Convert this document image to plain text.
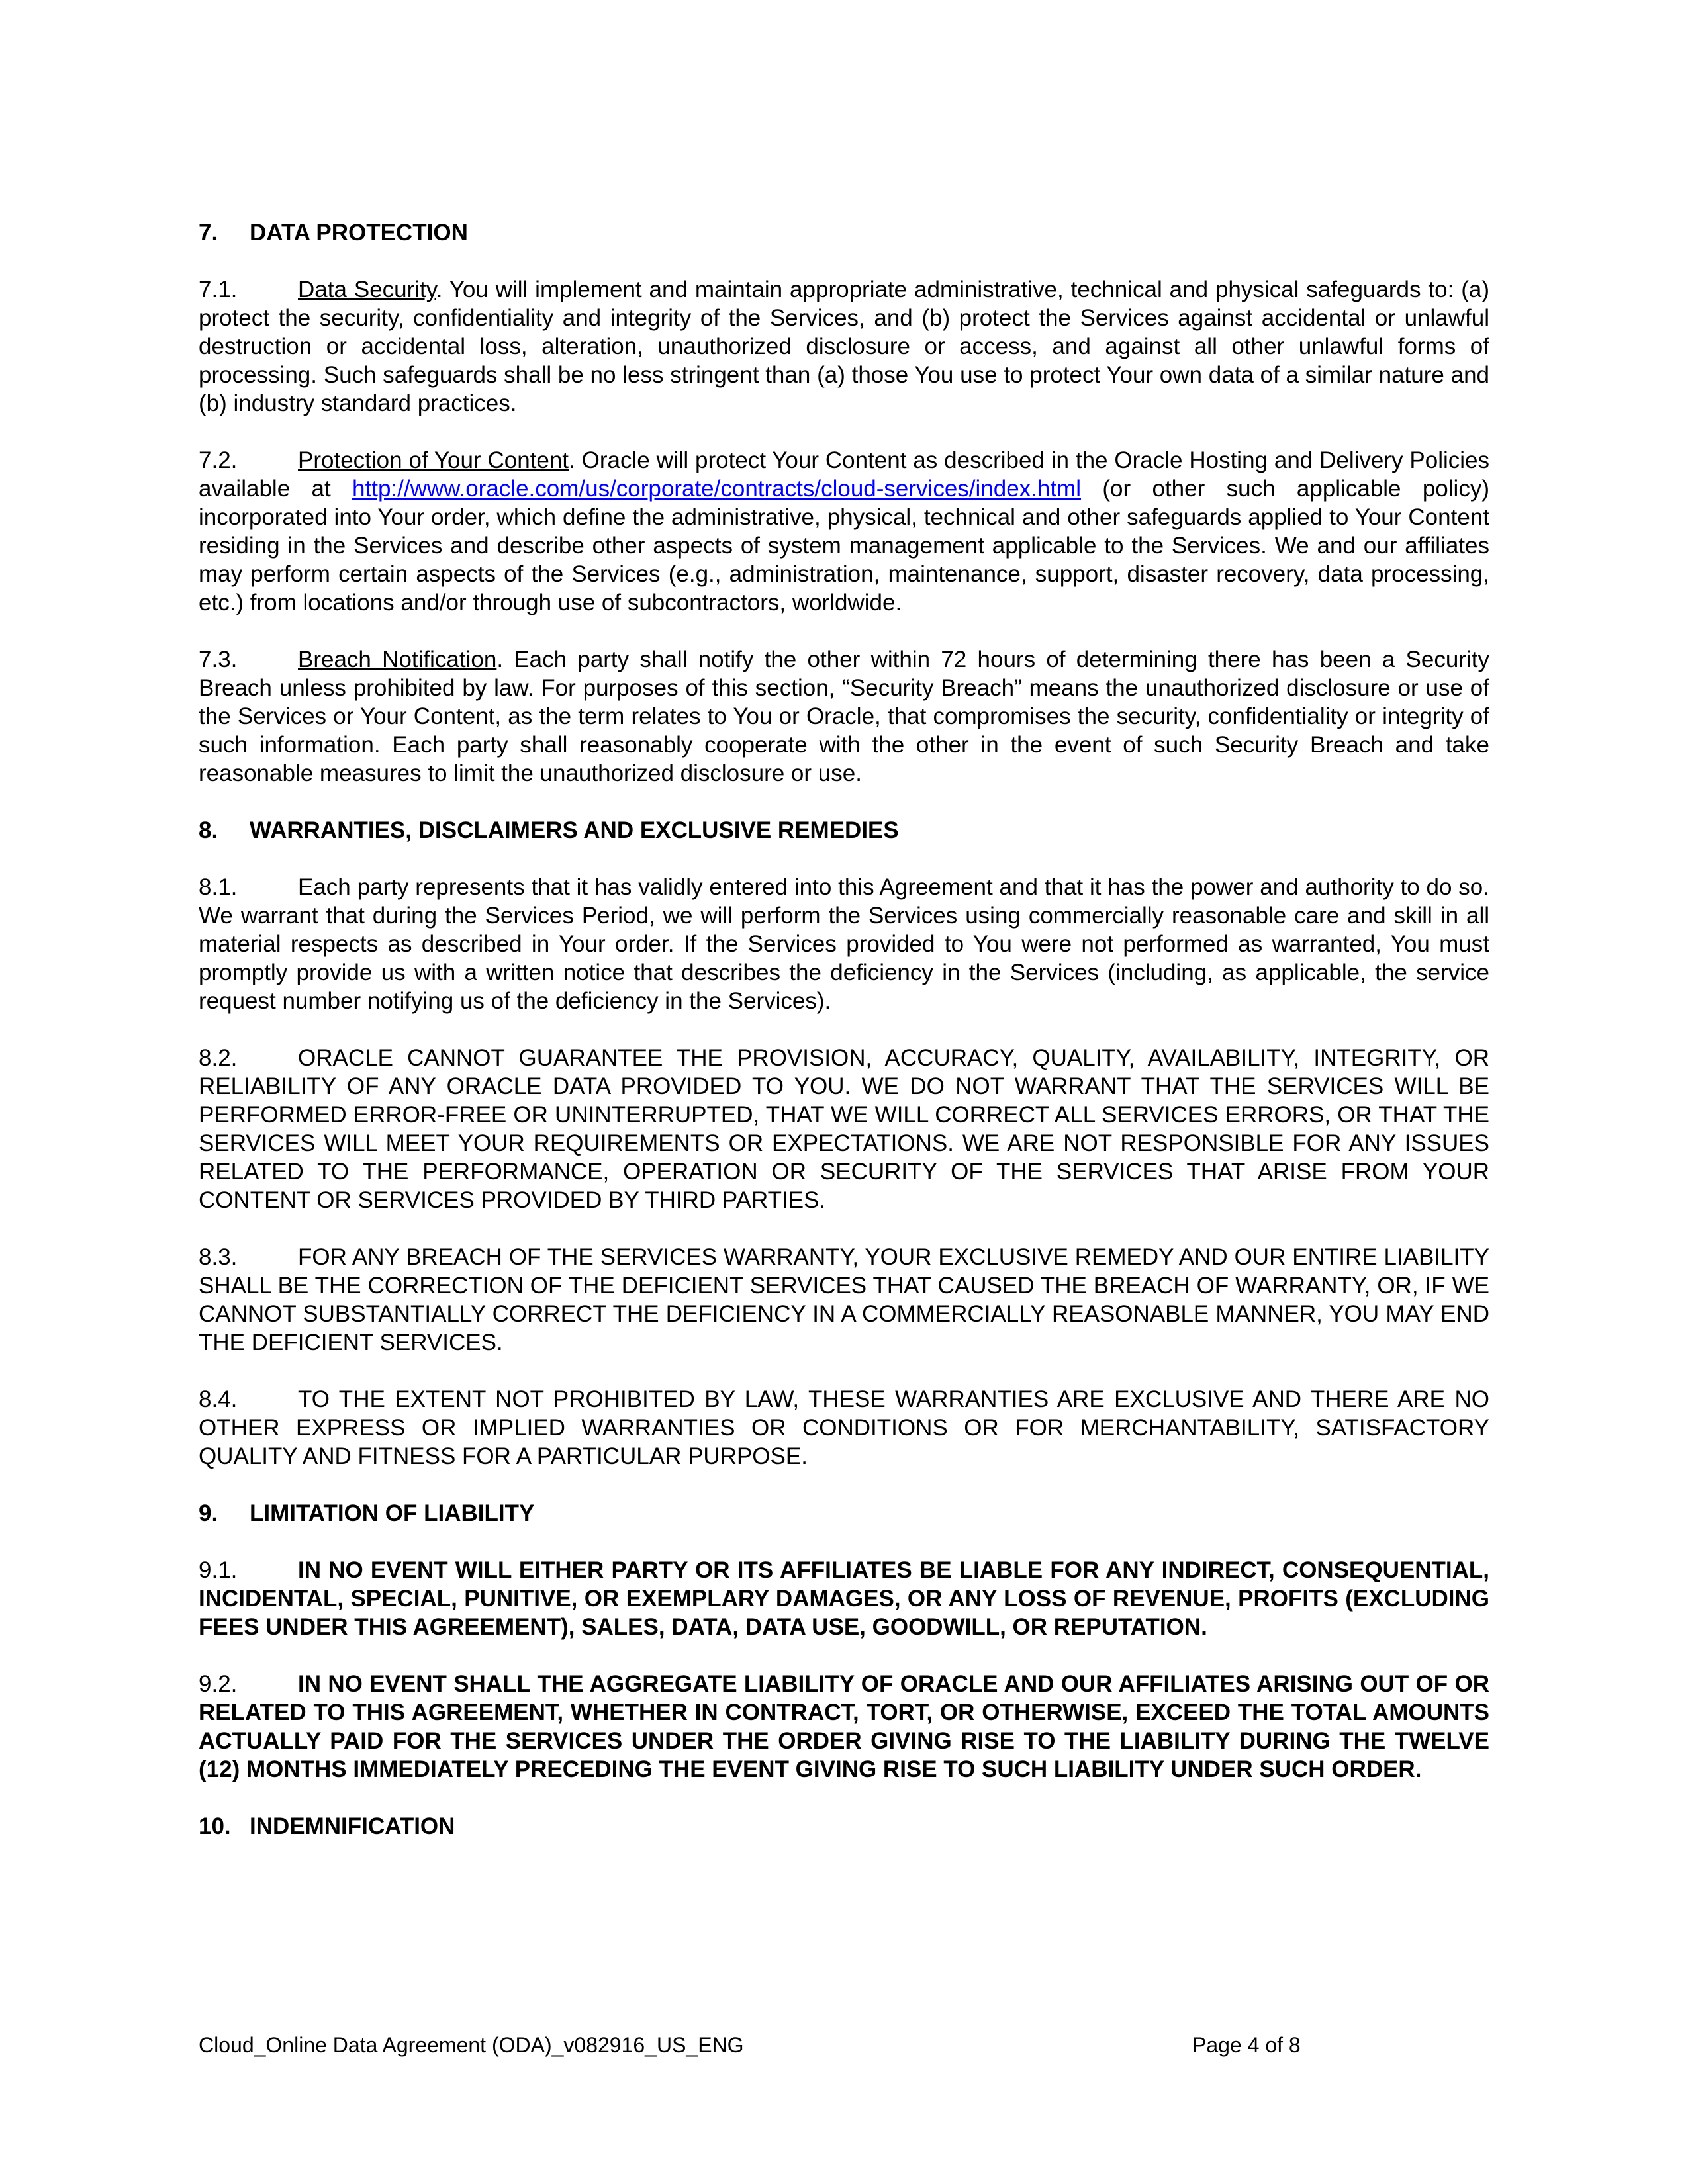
7. DATA PROTECTION
7.1.	Data Security. You will implement and maintain appropriate administrative, technical and physical safeguards to: (a) protect the security, confidentiality and integrity of the Services, and (b) protect the Services against accidental or unlawful destruction or accidental loss, alteration, unauthorized disclosure or access, and against all other unlawful forms of processing. Such safeguards shall be no less stringent than (a) those You use to protect Your own data of a similar nature and (b) industry standard practices.
7.2.	Protection of Your Content. Oracle will protect Your Content as described in the Oracle Hosting and Delivery Policies available at http://www.oracle.com/us/corporate/contracts/cloud-services/index.html (or other such applicable policy) incorporated into Your order, which define the administrative, physical, technical and other safeguards applied to Your Content residing in the Services and describe other aspects of system management applicable to the Services. We and our affiliates may perform certain aspects of the Services (e.g., administration, maintenance, support, disaster recovery, data processing, etc.) from locations and/or through use of subcontractors, worldwide.
7.3.	Breach Notification. Each party shall notify the other within 72 hours of determining there has been a Security Breach unless prohibited by law. For purposes of this section, “Security Breach” means the unauthorized disclosure or use of the Services or Your Content, as the term relates to You or Oracle, that compromises the security, confidentiality or integrity of such information. Each party shall reasonably cooperate with the other in the event of such Security Breach and take reasonable measures to limit the unauthorized disclosure or use.
8. WARRANTIES, DISCLAIMERS AND EXCLUSIVE REMEDIES
8.1.	Each party represents that it has validly entered into this Agreement and that it has the power and authority to do so. We warrant that during the Services Period, we will perform the Services using commercially reasonable care and skill in all material respects as described in Your order. If the Services provided to You were not performed as warranted, You must promptly provide us with a written notice that describes the deficiency in the Services (including, as applicable, the service request number notifying us of the deficiency in the Services).
8.2.	ORACLE CANNOT GUARANTEE THE PROVISION, ACCURACY, QUALITY, AVAILABILITY, INTEGRITY, OR RELIABILITY OF ANY ORACLE DATA PROVIDED TO YOU. WE DO NOT WARRANT THAT THE SERVICES WILL BE PERFORMED ERROR-FREE OR UNINTERRUPTED, THAT WE WILL CORRECT ALL SERVICES ERRORS, OR THAT THE SERVICES WILL MEET YOUR REQUIREMENTS OR EXPECTATIONS. WE ARE NOT RESPONSIBLE FOR ANY ISSUES RELATED TO THE PERFORMANCE, OPERATION OR SECURITY OF THE SERVICES THAT ARISE FROM YOUR CONTENT OR SERVICES PROVIDED BY THIRD PARTIES.
8.3.	FOR ANY BREACH OF THE SERVICES WARRANTY, YOUR EXCLUSIVE REMEDY AND OUR ENTIRE LIABILITY SHALL BE THE CORRECTION OF THE DEFICIENT SERVICES THAT CAUSED THE BREACH OF WARRANTY, OR, IF WE CANNOT SUBSTANTIALLY CORRECT THE DEFICIENCY IN A COMMERCIALLY REASONABLE MANNER, YOU MAY END THE DEFICIENT SERVICES.
8.4.	TO THE EXTENT NOT PROHIBITED BY LAW, THESE WARRANTIES ARE EXCLUSIVE AND THERE ARE NO OTHER EXPRESS OR IMPLIED WARRANTIES OR CONDITIONS OR FOR MERCHANTABILITY, SATISFACTORY QUALITY AND FITNESS FOR A PARTICULAR PURPOSE.
9. LIMITATION OF LIABILITY
9.1.	IN NO EVENT WILL EITHER PARTY OR ITS AFFILIATES BE LIABLE FOR ANY INDIRECT, CONSEQUENTIAL, INCIDENTAL, SPECIAL, PUNITIVE, OR EXEMPLARY DAMAGES, OR ANY LOSS OF REVENUE, PROFITS (EXCLUDING FEES UNDER THIS AGREEMENT), SALES, DATA, DATA USE, GOODWILL, OR REPUTATION.
9.2.	IN NO EVENT SHALL THE AGGREGATE LIABILITY OF ORACLE AND OUR AFFILIATES ARISING OUT OF OR RELATED TO THIS AGREEMENT, WHETHER IN CONTRACT, TORT, OR OTHERWISE, EXCEED THE TOTAL AMOUNTS ACTUALLY PAID FOR THE SERVICES UNDER THE ORDER GIVING RISE TO THE LIABILITY DURING THE TWELVE (12) MONTHS IMMEDIATELY PRECEDING THE EVENT GIVING RISE TO SUCH LIABILITY UNDER SUCH ORDER.
10. INDEMNIFICATION
Cloud_Online Data Agreement (ODA)_v082916_US_ENG	Page 4 of 8
